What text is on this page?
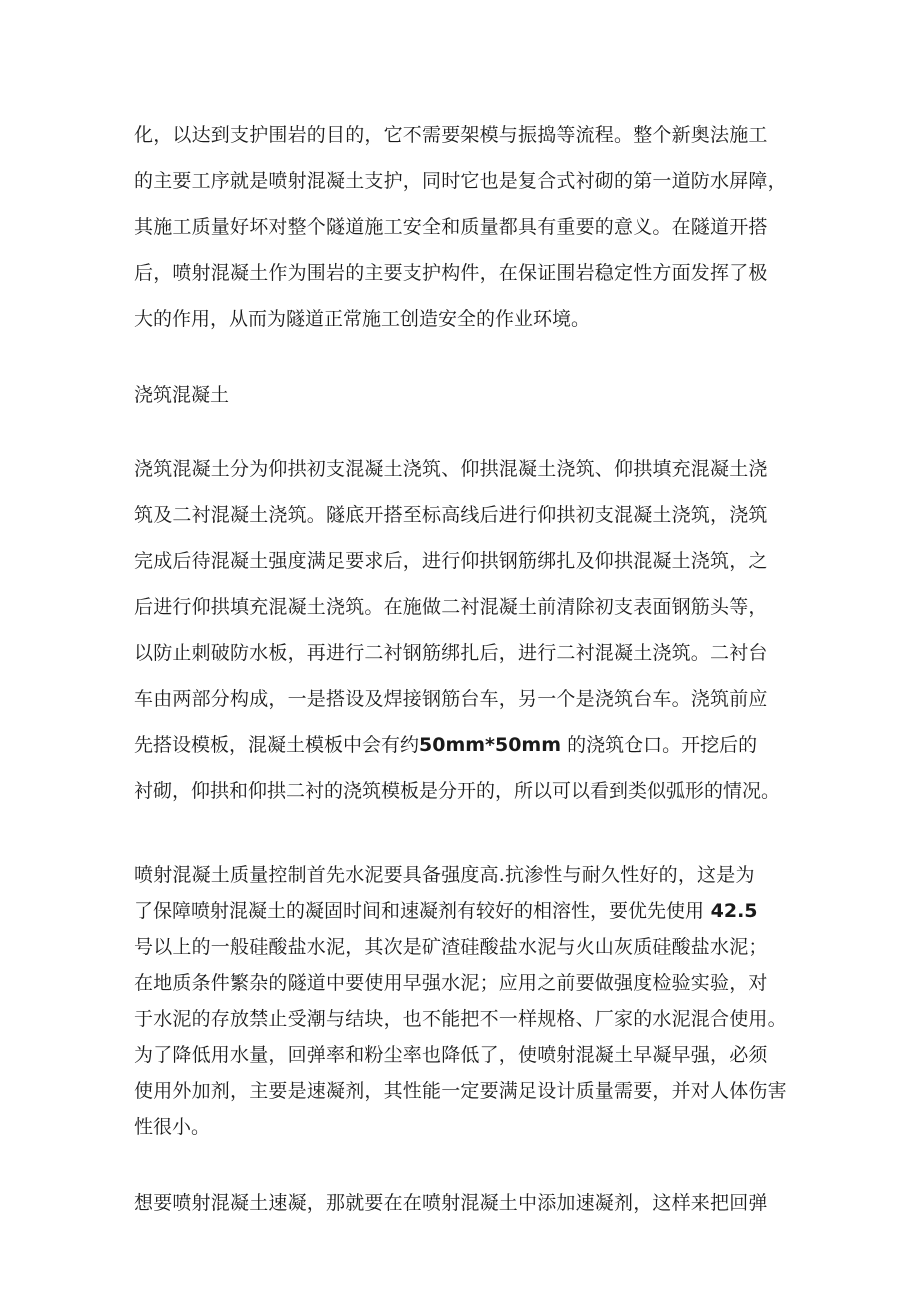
化，以达到支护围岩的目的，它不需要架模与振捣等流程。整个新奥法施工
的主要工序就是喷射混凝土支护，同时它也是复合式衬砌的第一道防水屏障，
其施工质量好坏对整个隧道施工安全和质量都具有重要的意义。在隧道开搭
后，喷射混凝土作为围岩的主要支护构件，在保证围岩稳定性方面发挥了极
大的作用，从而为隧道正常施工创造安全的作业环境。
浇筑混凝土
浇筑混凝土分为仰拱初支混凝土浇筑、仰拱混凝土浇筑、仰拱填充混凝土浇
筑及二衬混凝土浇筑。隧底开搭至标高线后进行仰拱初支混凝土浇筑，浇筑
完成后待混凝土强度满足要求后，进行仰拱钢筋绑扎及仰拱混凝土浇筑，之
后进行仰拱填充混凝土浇筑。在施做二衬混凝土前清除初支表面钢筋头等，
以防止刺破防水板，再进行二衬钢筋绑扎后，进行二衬混凝土浇筑。二衬台
车由两部分构成，一是搭设及焊接钢筋台车，另一个是浇筑台车。浇筑前应
先搭设模板，混凝土模板中会有约50mm*50mm 的浇筑仓口。开挖后的
衬砌，仰拱和仰拱二衬的浇筑模板是分开的，所以可以看到类似弧形的情况。
喷射混凝土质量控制首先水泥要具备强度高.抗渗性与耐久性好的，这是为
了保障喷射混凝土的凝固时间和速凝剂有较好的相溶性，要优先使用 42.5
号以上的一般硅酸盐水泥，其次是矿渣硅酸盐水泥与火山灰质硅酸盐水泥；
在地质条件繁杂的隧道中要使用早强水泥；应用之前要做强度检验实验，对
于水泥的存放禁止受潮与结块，也不能把不一样规格、厂家的水泥混合使用。
为了降低用水量，回弹率和粉尘率也降低了，使喷射混凝土早凝早强，必须
使用外加剂，主要是速凝剂，其性能一定要满足设计质量需要，并对人体伤害
性很小。
想要喷射混凝土速凝，那就要在在喷射混凝土中添加速凝剂，这样来把回弹
